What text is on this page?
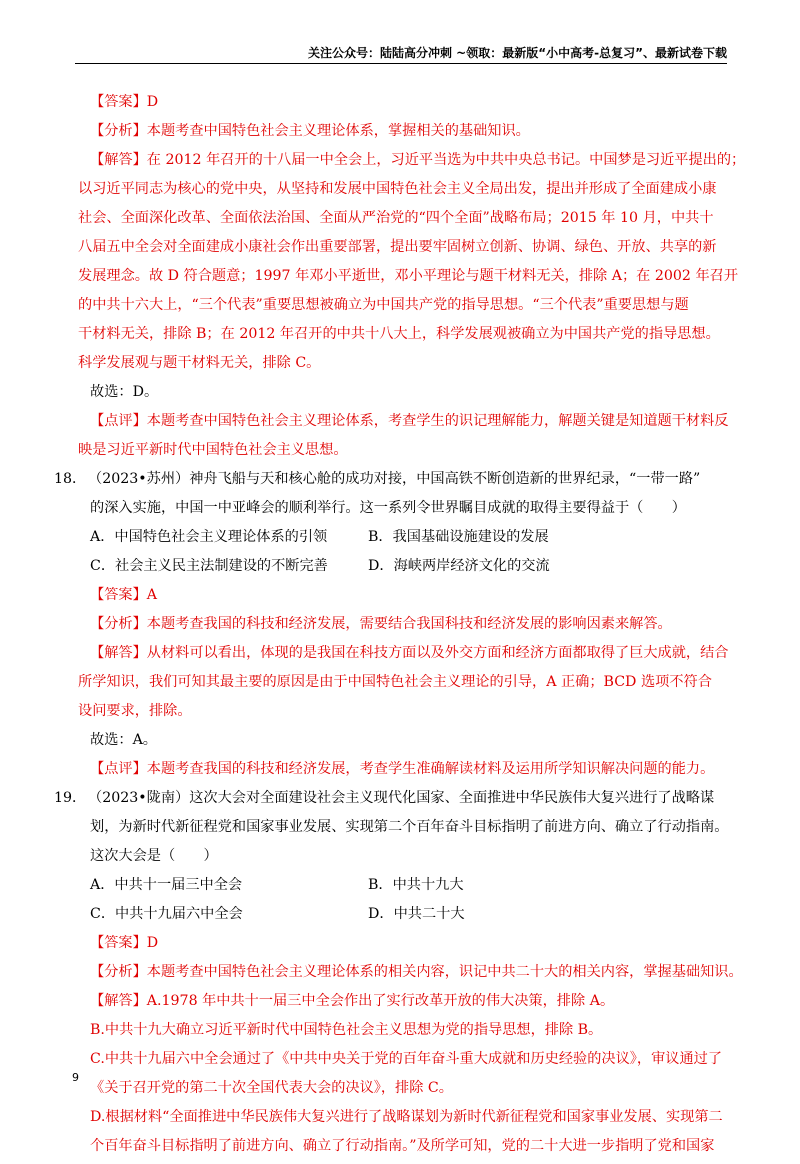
关注公众号：陆陆高分冲刺 ~领取：最新版“小中高考-总复习”、最新试卷下载
【答案】D
【分析】本题考查中国特色社会主义理论体系，掌握相关的基础知识。
【解答】在 2012 年召开的十八届一中全会上，习近平当选为中共中央总书记。中国梦是习近平提出的；
以习近平同志为核心的党中央，从坚持和发展中国特色社会主义全局出发，提出并形成了全面建成小康
社会、全面深化改革、全面依法治国、全面从严治党的“四个全面”战略布局；2015 年 10 月，中共十
八届五中全会对全面建成小康社会作出重要部署，提出要牢固树立创新、协调、绿色、开放、共享的新
发展理念。故 D 符合题意；1997 年邓小平逝世，邓小平理论与题干材料无关，排除 A；在 2002 年召开
的中共十六大上，“三个代表”重要思想被确立为中国共产党的指导思想。“三个代表”重要思想与题
干材料无关，排除 B；在 2012 年召开的中共十八大上，科学发展观被确立为中国共产党的指导思想。
科学发展观与题干材料无关，排除 C。
故选：D。
【点评】本题考查中国特色社会主义理论体系，考查学生的识记理解能力，解题关键是知道题干材料反
映是习近平新时代中国特色社会主义思想。
18． （2023•苏州）神舟飞船与天和核心舱的成功对接，中国高铁不断创造新的世界纪录，“一带一路”
的深入实施，中国一中亚峰会的顺利举行。这一系列令世界瞩目成就的取得主要得益于（　　）
A．中国特色社会主义理论体系的引领	B．我国基础设施建设的发展
C．社会主义民主法制建设的不断完善	D．海峡两岸经济文化的交流
【答案】A
【分析】本题考查我国的科技和经济发展，需要结合我国科技和经济发展的影响因素来解答。
【解答】从材料可以看出，体现的是我国在科技方面以及外交方面和经济方面都取得了巨大成就，结合
所学知识，我们可知其最主要的原因是由于中国特色社会主义理论的引导，A 正确；BCD 选项不符合
设问要求，排除。
故选：A。
【点评】本题考查我国的科技和经济发展，考查学生准确解读材料及运用所学知识解决问题的能力。
19． （2023•陇南）这次大会对全面建设社会主义现代化国家、全面推进中华民族伟大复兴进行了战略谋
划，为新时代新征程党和国家事业发展、实现第二个百年奋斗目标指明了前进方向、确立了行动指南。
这次大会是（　　）
A．中共十一届三中全会	B．中共十九大
C．中共十九届六中全会	D．中共二十大
【答案】D
【分析】本题考查中国特色社会主义理论体系的相关内容，识记中共二十大的相关内容，掌握基础知识。
【解答】A.1978 年中共十一届三中全会作出了实行改革开放的伟大决策，排除 A。
B.中共十九大确立习近平新时代中国特色社会主义思想为党的指导思想，排除 B。
C.中共十九届六中全会通过了《中共中央关于党的百年奋斗重大成就和历史经验的决议》，审议通过了
《关于召开党的第二十次全国代表大会的决议》，排除 C。
D.根据材料“全面推进中华民族伟大复兴进行了战略谋划为新时代新征程党和国家事业发展、实现第二
个百年奋斗目标指明了前进方向、确立了行动指南。”及所学可知，党的二十大进一步指明了党和国家
9
